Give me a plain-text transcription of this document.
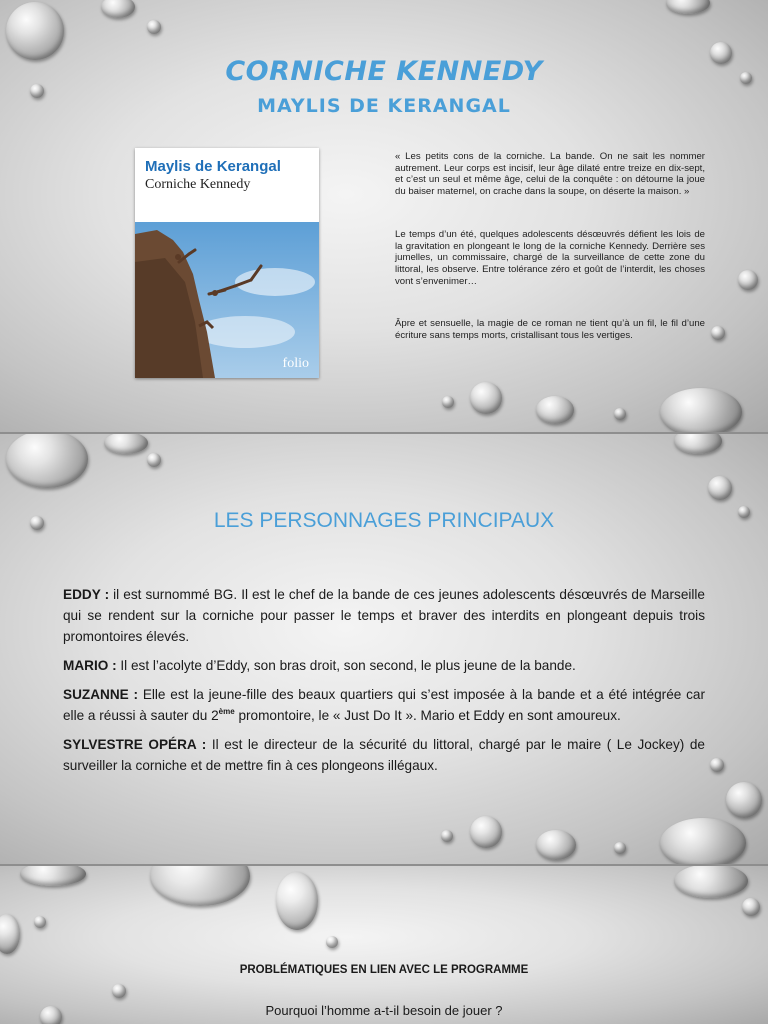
CORNICHE KENNEDY
MAYLIS DE KERANGAL
Maylis de Kerangal
Corniche Kennedy
folio
« Les petits cons de la corniche. La bande. On ne sait les nommer autrement. Leur corps est incisif, leur âge dilaté entre treize en dix-sept, et c’est un seul et même âge, celui de la conquête : on détourne la joue du baiser maternel, on crache dans la soupe, on déserte la maison. »
Le temps d’un été, quelques adolescents désœuvrés défient les lois de la gravitation en plongeant le long de la corniche Kennedy. Derrière ses jumelles, un commissaire, chargé de la surveillance de cette zone du littoral, les observe. Entre tolérance zéro et goût de l’interdit, les choses vont s’envenimer…
Âpre et sensuelle, la magie de ce roman ne tient qu’à un fil, le fil d’une écriture sans temps morts, cristallisant tous les vertiges.
LES PERSONNAGES PRINCIPAUX

EDDY : il est surnommé BG. Il est le chef de la bande de ces jeunes adolescents désœuvrés de Marseille qui se rendent sur la corniche pour passer le temps et braver des interdits en plongeant depuis trois promontoires élevés.

MARIO : Il est l’acolyte d’Eddy, son bras droit, son second, le plus jeune de la bande.

SUZANNE : Elle est la jeune-fille des beaux quartiers qui s’est imposée à la bande et a été intégrée car elle a réussi à sauter du 2ème promontoire, le « Just Do It ». Mario et Eddy en sont amoureux.

SYLVESTRE OPÉRA : Il est le directeur de la sécurité du littoral, chargé par le maire ( Le Jockey) de surveiller la corniche et de mettre fin à ces plongeons illégaux.

PROBLÉMATIQUES EN LIEN AVEC LE PROGRAMME
Pourquoi l’homme a-t-il besoin de jouer ?
